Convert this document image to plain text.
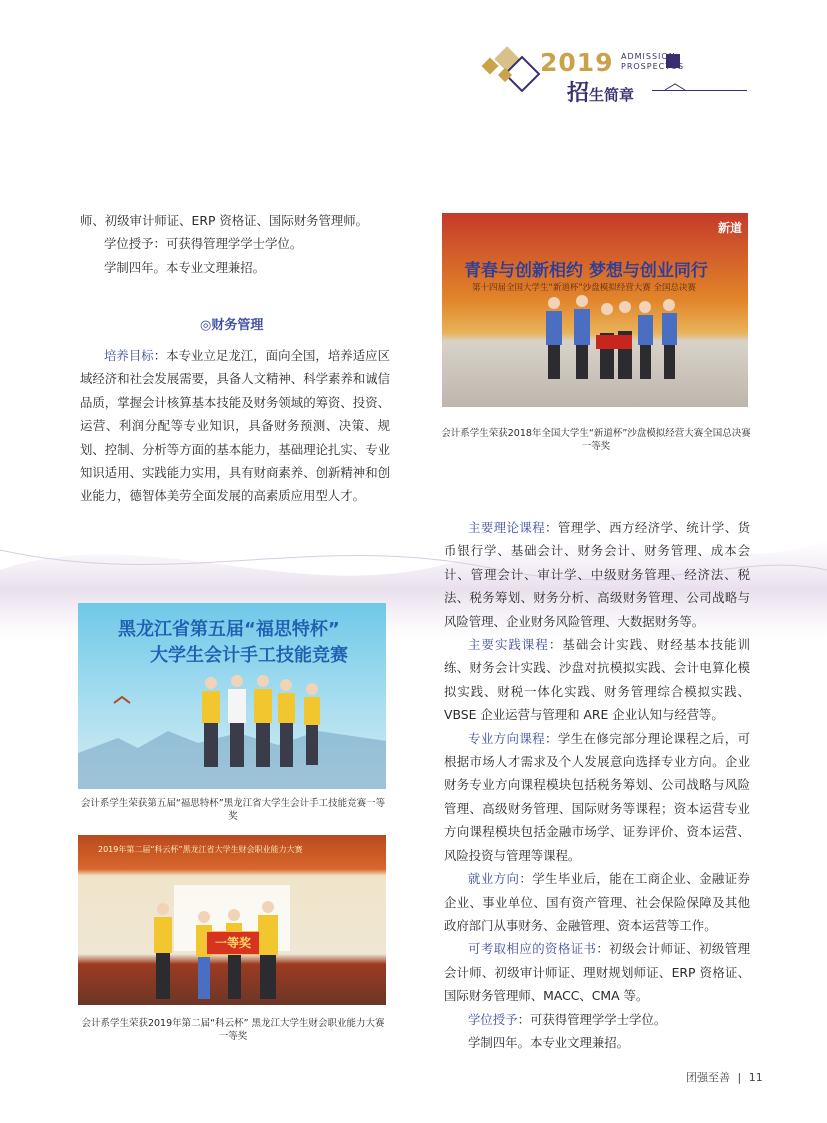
2019 ADMISSION
PROSPECTUS
招生简章

师、初级审计师证、ERP 资格证、国际财务管理师。

学位授予：可获得管理学学士学位。

学制四年。本专业文理兼招。

◎财务管理

培养目标：本专业立足龙江，面向全国，培养适应区域经济和社会发展需要，具备人文精神、科学素养和诚信品质，掌握会计核算基本技能及财务领域的筹资、投资、运营、利润分配等专业知识，具备财务预测、决策、规划、控制、分析等方面的基本能力，基础理论扎实、专业知识适用、实践能力实用，具有财商素养、创新精神和创业能力，德智体美劳全面发展的高素质应用型人才。

青春与创新相约 梦想与创业同行
第十四届全国大学生“新道杯”沙盘模拟经营大赛 全国总决赛
新道
会计系学生荣获2018年全国大学生“新道杯”沙盘模拟经营大赛全国总决赛一等奖

主要理论课程：管理学、西方经济学、统计学、货币银行学、基础会计、财务会计、财务管理、成本会计、管理会计、审计学、中级财务管理、经济法、税法、税务筹划、财务分析、高级财务管理、公司战略与风险管理、企业财务风险管理、大数据财务等。

主要实践课程：基础会计实践、财经基本技能训练、财务会计实践、沙盘对抗模拟实践、会计电算化模拟实践、财税一体化实践、财务管理综合模拟实践、VBSE 企业运营与管理和 ARE 企业认知与经营等。

专业方向课程：学生在修完部分理论课程之后，可根据市场人才需求及个人发展意向选择专业方向。企业财务专业方向课程模块包括税务筹划、公司战略与风险管理、高级财务管理、国际财务等课程；资本运营专业方向课程模块包括金融市场学、证券评价、资本运营、风险投资与管理等课程。

就业方向：学生毕业后，能在工商企业、金融证券企业、事业单位、国有资产管理、社会保险保障及其他政府部门从事财务、金融管理、资本运营等工作。

可考取相应的资格证书：初级会计师证、初级管理会计师、初级审计师证、理财规划师证、ERP 资格证、国际财务管理师、MACC、CMA 等。

学位授予：可获得管理学学士学位。

学制四年。本专业文理兼招。

黑龙江省第五届“福思特杯”
大学生会计手工技能竞赛
会计系学生荣获第五届“福思特杯”黑龙江省大学生会计手工技能竞赛一等奖
2019年第二届“科云杯”黑龙江省大学生财会职业能力大赛
一等奖
会计系学生荣获2019年第二届“科云杯” 黑龙江大学生财会职业能力大赛一等奖
团强至善 | 11
